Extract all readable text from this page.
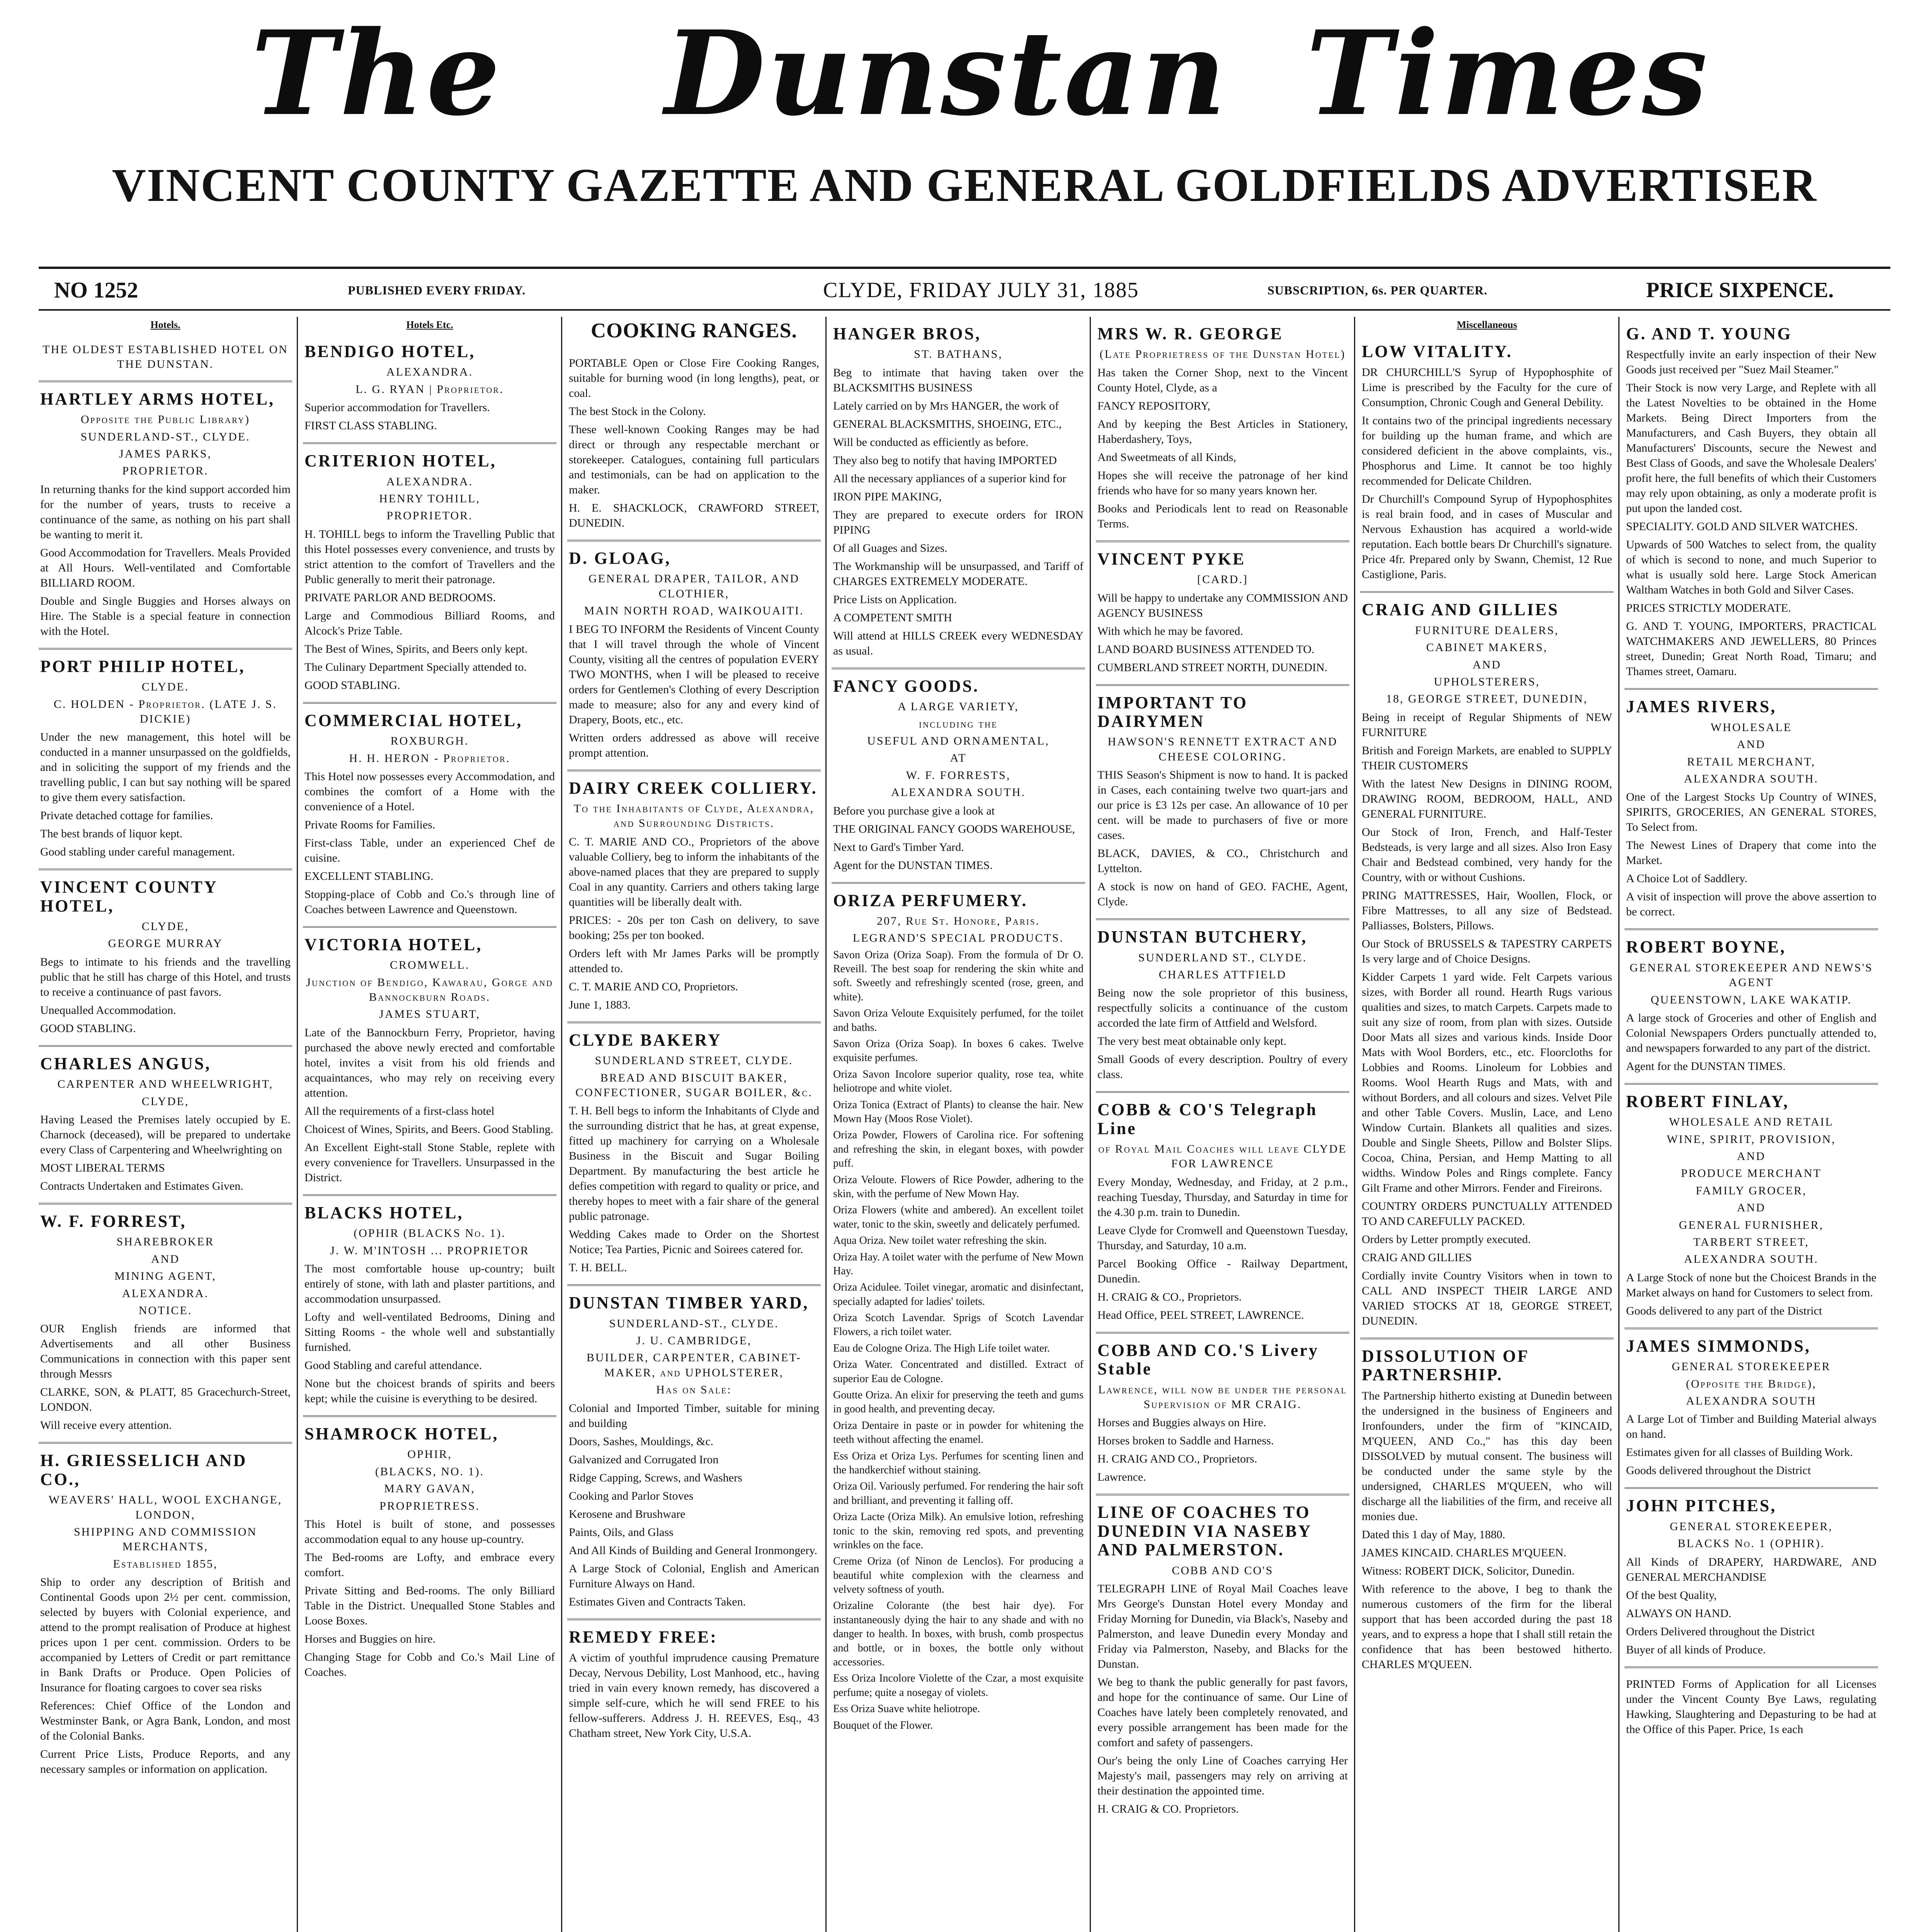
The Dunstan Times
VINCENT COUNTY GAZETTE AND GENERAL GOLDFIELDS ADVERTISER
NO 1252	PUBLISHED EVERY FRIDAY.	CLYDE, FRIDAY JULY 31, 1885	SUBSCRIPTION, 6s. PER QUARTER.	PRICE SIXPENCE.
Hotels.
THE OLDEST ESTABLISHED HOTEL ON THE DUNSTAN.
HARTLEY ARMS HOTEL,
Opposite the Public Library)
SUNDERLAND-ST., CLYDE.
JAMES PARKS,
PROPRIETOR.
In returning thanks for the kind support accorded him for the number of years, trusts to receive a continuance of the same, as nothing on his part shall be wanting to merit it.
Good Accommodation for Travellers. Meals Provided at All Hours. Well-ventilated and Comfortable BILLIARD ROOM.
Double and Single Buggies and Horses always on Hire. The Stable is a special feature in connection with the Hotel.
PORT PHILIP HOTEL,
CLYDE.
C. HOLDEN - Proprietor. (LATE J. S. DICKIE)
Under the new management, this hotel will be conducted in a manner unsurpassed on the goldfields, and in soliciting the support of my friends and the travelling public, I can but say nothing will be spared to give them every satisfaction.
Private detached cottage for families.
The best brands of liquor kept.
Good stabling under careful management.
VINCENT COUNTY HOTEL,
CLYDE,
GEORGE MURRAY
Begs to intimate to his friends and the travelling public that he still has charge of this Hotel, and trusts to receive a continuance of past favors.
Unequalled Accommodation.
GOOD STABLING.
CHARLES ANGUS,
CARPENTER AND WHEELWRIGHT,
CLYDE,
Having Leased the Premises lately occupied by E. Charnock (deceased), will be prepared to undertake every Class of Carpentering and Wheelwrighting on
MOST LIBERAL TERMS
Contracts Undertaken and Estimates Given.
W. F. FORREST,
SHAREBROKER
AND
MINING AGENT,
ALEXANDRA.
NOTICE.
OUR English friends are informed that Advertisements and all other Business Communications in connection with this paper sent through Messrs
CLARKE, SON, & PLATT, 85 Gracechurch-Street, LONDON.
Will receive every attention.
H. GRIESSELICH AND CO.,
WEAVERS' HALL, WOOL EXCHANGE, LONDON,
SHIPPING AND COMMISSION MERCHANTS,
Established 1855,
Ship to order any description of British and Continental Goods upon 2½ per cent. commission, selected by buyers with Colonial experience, and attend to the prompt realisation of Produce at highest prices upon 1 per cent. commission. Orders to be accompanied by Letters of Credit or part remittance in Bank Drafts or Produce. Open Policies of Insurance for floating cargoes to cover sea risks
References: Chief Office of the London and Westminster Bank, or Agra Bank, London, and most of the Colonial Banks.
Current Price Lists, Produce Reports, and any necessary samples or information on application.
Hotels Etc.
BENDIGO HOTEL,
ALEXANDRA.
L. G. RYAN | Proprietor.
Superior accommodation for Travellers.
FIRST CLASS STABLING.
CRITERION HOTEL,
ALEXANDRA.
HENRY TOHILL,
PROPRIETOR.
H. TOHILL begs to inform the Travelling Public that this Hotel possesses every convenience, and trusts by strict attention to the comfort of Travellers and the Public generally to merit their patronage.
PRIVATE PARLOR AND BEDROOMS.
Large and Commodious Billiard Rooms, and Alcock's Prize Table.
The Best of Wines, Spirits, and Beers only kept.
The Culinary Department Specially attended to.
GOOD STABLING.
COMMERCIAL HOTEL,
ROXBURGH.
H. H. HERON - Proprietor.
This Hotel now possesses every Accommodation, and combines the comfort of a Home with the convenience of a Hotel.
Private Rooms for Families.
First-class Table, under an experienced Chef de cuisine.
EXCELLENT STABLING.
Stopping-place of Cobb and Co.'s through line of Coaches between Lawrence and Queenstown.
VICTORIA HOTEL,
CROMWELL.
Junction of Bendigo, Kawarau, Gorge and Bannockburn Roads.
JAMES STUART,
Late of the Bannockburn Ferry, Proprietor, having purchased the above newly erected and comfortable hotel, invites a visit from his old friends and acquaintances, who may rely on receiving every attention.
All the requirements of a first-class hotel
Choicest of Wines, Spirits, and Beers. Good Stabling.
An Excellent Eight-stall Stone Stable, replete with every convenience for Travellers. Unsurpassed in the District.
BLACKS HOTEL,
(OPHIR (BLACKS No. 1).
J. W. M'INTOSH ... PROPRIETOR
The most comfortable house up-country; built entirely of stone, with lath and plaster partitions, and accommodation unsurpassed.
Lofty and well-ventilated Bedrooms, Dining and Sitting Rooms - the whole well and substantially furnished.
Good Stabling and careful attendance.
None but the choicest brands of spirits and beers kept; while the cuisine is everything to be desired.
SHAMROCK HOTEL,
OPHIR,
(BLACKS, NO. 1).
MARY GAVAN,
PROPRIETRESS.
This Hotel is built of stone, and possesses accommodation equal to any house up-country.
The Bed-rooms are Lofty, and embrace every comfort.
Private Sitting and Bed-rooms. The only Billiard Table in the District. Unequalled Stone Stables and Loose Boxes.
Horses and Buggies on hire.
Changing Stage for Cobb and Co.'s Mail Line of Coaches.
COOKING RANGES.
PORTABLE Open or Close Fire Cooking Ranges, suitable for burning wood (in long lengths), peat, or coal.
The best Stock in the Colony.
These well-known Cooking Ranges may be had direct or through any respectable merchant or storekeeper. Catalogues, containing full particulars and testimonials, can be had on application to the maker.
H. E. SHACKLOCK, CRAWFORD STREET, DUNEDIN.
D. GLOAG,
GENERAL DRAPER, TAILOR, AND CLOTHIER,
MAIN NORTH ROAD, WAIKOUAITI.
I BEG TO INFORM the Residents of Vincent County that I will travel through the whole of Vincent County, visiting all the centres of population EVERY TWO MONTHS, when I will be pleased to receive orders for Gentlemen's Clothing of every Description made to measure; also for any and every kind of Drapery, Boots, etc., etc.
Written orders addressed as above will receive prompt attention.
DAIRY CREEK COLLIERY.
To the Inhabitants of Clyde, Alexandra, and Surrounding Districts.
C. T. MARIE AND CO., Proprietors of the above valuable Colliery, beg to inform the inhabitants of the above-named places that they are prepared to supply Coal in any quantity. Carriers and others taking large quantities will be liberally dealt with.
PRICES: - 20s per ton Cash on delivery, to save booking; 25s per ton booked.
Orders left with Mr James Parks will be promptly attended to.
C. T. MARIE AND CO, Proprietors.
June 1, 1883.
CLYDE BAKERY
SUNDERLAND STREET, CLYDE.
BREAD AND BISCUIT BAKER, CONFECTIONER, SUGAR BOILER, &c.
T. H. Bell begs to inform the Inhabitants of Clyde and the surrounding district that he has, at great expense, fitted up machinery for carrying on a Wholesale Business in the Biscuit and Sugar Boiling Department. By manufacturing the best article he defies competition with regard to quality or price, and thereby hopes to meet with a fair share of the general public patronage.
Wedding Cakes made to Order on the Shortest Notice; Tea Parties, Picnic and Soirees catered for.
T. H. BELL.
DUNSTAN TIMBER YARD,
SUNDERLAND-ST., CLYDE.
J. U. CAMBRIDGE,
BUILDER, CARPENTER, CABINET-MAKER, and UPHOLSTERER,
Has on Sale:
Colonial and Imported Timber, suitable for mining and building
Doors, Sashes, Mouldings, &c.
Galvanized and Corrugated Iron
Ridge Capping, Screws, and Washers
Cooking and Parlor Stoves
Kerosene and Brushware
Paints, Oils, and Glass
And All Kinds of Building and General Ironmongery.
A Large Stock of Colonial, English and American Furniture Always on Hand.
Estimates Given and Contracts Taken.
REMEDY FREE:
A victim of youthful imprudence causing Premature Decay, Nervous Debility, Lost Manhood, etc., having tried in vain every known remedy, has discovered a simple self-cure, which he will send FREE to his fellow-sufferers. Address J. H. REEVES, Esq., 43 Chatham street, New York City, U.S.A.
HANGER BROS,
ST. BATHANS,
Beg to intimate that having taken over the BLACKSMITHS BUSINESS
Lately carried on by Mrs HANGER, the work of
GENERAL BLACKSMITHS, SHOEING, ETC.,
Will be conducted as efficiently as before.
They also beg to notify that having IMPORTED
All the necessary appliances of a superior kind for
IRON PIPE MAKING,
They are prepared to execute orders for IRON PIPING
Of all Guages and Sizes.
The Workmanship will be unsurpassed, and Tariff of CHARGES EXTREMELY MODERATE.
Price Lists on Application.
A COMPETENT SMITH
Will attend at HILLS CREEK every WEDNESDAY as usual.
FANCY GOODS.
A LARGE VARIETY,
including the
USEFUL AND ORNAMENTAL,
AT
W. F. FORRESTS,
ALEXANDRA SOUTH.
Before you purchase give a look at
THE ORIGINAL FANCY GOODS WAREHOUSE,
Next to Gard's Timber Yard.
Agent for the DUNSTAN TIMES.
ORIZA PERFUMERY.
207, Rue St. Honore, Paris.
LEGRAND'S SPECIAL PRODUCTS.
Savon Oriza (Oriza Soap). From the formula of Dr O. Reveill. The best soap for rendering the skin white and soft. Sweetly and refreshingly scented (rose, green, and white).
Savon Oriza Veloute Exquisitely perfumed, for the toilet and baths.
Savon Oriza (Oriza Soap). In boxes 6 cakes. Twelve exquisite perfumes.
Oriza Savon Incolore superior quality, rose tea, white heliotrope and white violet.
Oriza Tonica (Extract of Plants) to cleanse the hair. New Mown Hay (Moos Rose Violet).
Oriza Powder, Flowers of Carolina rice. For softening and refreshing the skin, in elegant boxes, with powder puff.
Oriza Veloute. Flowers of Rice Powder, adhering to the skin, with the perfume of New Mown Hay.
Oriza Flowers (white and ambered). An excellent toilet water, tonic to the skin, sweetly and delicately perfumed.
Aqua Oriza. New toilet water refreshing the skin.
Oriza Hay. A toilet water with the perfume of New Mown Hay.
Oriza Acidulee. Toilet vinegar, aromatic and disinfectant, specially adapted for ladies' toilets.
Oriza Scotch Lavendar. Sprigs of Scotch Lavendar Flowers, a rich toilet water.
Eau de Cologne Oriza. The High Life toilet water.
Oriza Water. Concentrated and distilled. Extract of superior Eau de Cologne.
Goutte Oriza. An elixir for preserving the teeth and gums in good health, and preventing decay.
Oriza Dentaire in paste or in powder for whitening the teeth without affecting the enamel.
Ess Oriza et Oriza Lys. Perfumes for scenting linen and the handkerchief without staining.
Oriza Oil. Variously perfumed. For rendering the hair soft and brilliant, and preventing it falling off.
Oriza Lacte (Oriza Milk). An emulsive lotion, refreshing tonic to the skin, removing red spots, and preventing wrinkles on the face.
Creme Oriza (of Ninon de Lenclos). For producing a beautiful white complexion with the clearness and velvety softness of youth.
Orizaline Colorante (the best hair dye). For instantaneously dying the hair to any shade and with no danger to health. In boxes, with brush, comb prospectus and bottle, or in boxes, the bottle only without accessories.
Ess Oriza Incolore Violette of the Czar, a most exquisite perfume; quite a nosegay of violets.
Ess Oriza Suave white heliotrope.
Bouquet of the Flower.
MRS W. R. GEORGE
(Late Proprietress of the Dunstan Hotel)
Has taken the Corner Shop, next to the Vincent County Hotel, Clyde, as a
FANCY REPOSITORY,
And by keeping the Best Articles in Stationery, Haberdashery, Toys,
And Sweetmeats of all Kinds,
Hopes she will receive the patronage of her kind friends who have for so many years known her.
Books and Periodicals lent to read on Reasonable Terms.
VINCENT PYKE
[CARD.]
Will be happy to undertake any COMMISSION AND AGENCY BUSINESS
With which he may be favored.
LAND BOARD BUSINESS ATTENDED TO.
CUMBERLAND STREET NORTH, DUNEDIN.
IMPORTANT TO DAIRYMEN
HAWSON'S RENNETT EXTRACT AND CHEESE COLORING.
THIS Season's Shipment is now to hand. It is packed in Cases, each containing twelve two quart-jars and our price is £3 12s per case. An allowance of 10 per cent. will be made to purchasers of five or more cases.
BLACK, DAVIES, & CO., Christchurch and Lyttelton.
A stock is now on hand of GEO. FACHE, Agent, Clyde.
DUNSTAN BUTCHERY,
SUNDERLAND ST., CLYDE.
CHARLES ATTFIELD
Being now the sole proprietor of this business, respectfully solicits a continuance of the custom accorded the late firm of Attfield and Welsford.
The very best meat obtainable only kept.
Small Goods of every description. Poultry of every class.
COBB & CO'S Telegraph Line
of Royal Mail Coaches will leave CLYDE FOR LAWRENCE
Every Monday, Wednesday, and Friday, at 2 p.m., reaching Tuesday, Thursday, and Saturday in time for the 4.30 p.m. train to Dunedin.
Leave Clyde for Cromwell and Queenstown Tuesday, Thursday, and Saturday, 10 a.m.
Parcel Booking Office - Railway Department, Dunedin.
H. CRAIG & CO., Proprietors.
Head Office, PEEL STREET, LAWRENCE.
COBB AND CO.'S Livery Stable
Lawrence, will now be under the personal Supervision of MR CRAIG.
Horses and Buggies always on Hire.
Horses broken to Saddle and Harness.
H. CRAIG AND CO., Proprietors.
Lawrence.
LINE OF COACHES TO DUNEDIN VIA NASEBY AND PALMERSTON.
COBB AND CO'S
TELEGRAPH LINE of Royal Mail Coaches leave Mrs George's Dunstan Hotel every Monday and Friday Morning for Dunedin, via Black's, Naseby and Palmerston, and leave Dunedin every Monday and Friday via Palmerston, Naseby, and Blacks for the Dunstan.
We beg to thank the public generally for past favors, and hope for the continuance of same. Our Line of Coaches have lately been completely renovated, and every possible arrangement has been made for the comfort and safety of passengers.
Our's being the only Line of Coaches carrying Her Majesty's mail, passengers may rely on arriving at their destination the appointed time.
H. CRAIG & CO. Proprietors.
Miscellaneous
LOW VITALITY.
DR CHURCHILL'S Syrup of Hypophosphite of Lime is prescribed by the Faculty for the cure of Consumption, Chronic Cough and General Debility.
It contains two of the principal ingredients necessary for building up the human frame, and which are considered deficient in the above complaints, vis., Phosphorus and Lime. It cannot be too highly recommended for Delicate Children.
Dr Churchill's Compound Syrup of Hypophosphites is real brain food, and in cases of Muscular and Nervous Exhaustion has acquired a world-wide reputation. Each bottle bears Dr Churchill's signature. Price 4fr. Prepared only by Swann, Chemist, 12 Rue Castiglione, Paris.
CRAIG AND GILLIES
FURNITURE DEALERS,
CABINET MAKERS,
AND
UPHOLSTERERS,
18, GEORGE STREET, DUNEDIN,
Being in receipt of Regular Shipments of NEW FURNITURE
British and Foreign Markets, are enabled to SUPPLY THEIR CUSTOMERS
With the latest New Designs in DINING ROOM, DRAWING ROOM, BEDROOM, HALL, AND GENERAL FURNITURE.
Our Stock of Iron, French, and Half-Tester Bedsteads, is very large and all sizes. Also Iron Easy Chair and Bedstead combined, very handy for the Country, with or without Cushions.
PRING MATTRESSES, Hair, Woollen, Flock, or Fibre Mattresses, to all any size of Bedstead. Palliasses, Bolsters, Pillows.
Our Stock of BRUSSELS & TAPESTRY CARPETS Is very large and of Choice Designs.
Kidder Carpets 1 yard wide. Felt Carpets various sizes, with Border all round. Hearth Rugs various qualities and sizes, to match Carpets. Carpets made to suit any size of room, from plan with sizes. Outside Door Mats all sizes and various kinds. Inside Door Mats with Wool Borders, etc., etc. Floorcloths for Lobbies and Rooms. Linoleum for Lobbies and Rooms. Wool Hearth Rugs and Mats, with and without Borders, and all colours and sizes. Velvet Pile and other Table Covers. Muslin, Lace, and Leno Window Curtain. Blankets all qualities and sizes. Double and Single Sheets, Pillow and Bolster Slips. Cocoa, China, Persian, and Hemp Matting to all widths. Window Poles and Rings complete. Fancy Gilt Frame and other Mirrors. Fender and Fireirons.
COUNTRY ORDERS PUNCTUALLY ATTENDED TO AND CAREFULLY PACKED.
Orders by Letter promptly executed.
CRAIG AND GILLIES
Cordially invite Country Visitors when in town to CALL AND INSPECT THEIR LARGE AND VARIED STOCKS AT 18, GEORGE STREET, DUNEDIN.
DISSOLUTION OF PARTNERSHIP.
The Partnership hitherto existing at Dunedin between the undersigned in the business of Engineers and Ironfounders, under the firm of "KINCAID, M'QUEEN, AND Co.," has this day been DISSOLVED by mutual consent. The business will be conducted under the same style by the undersigned, CHARLES M'QUEEN, who will discharge all the liabilities of the firm, and receive all monies due.
Dated this 1 day of May, 1880.
JAMES KINCAID. CHARLES M'QUEEN.
Witness: ROBERT DICK, Solicitor, Dunedin.
With reference to the above, I beg to thank the numerous customers of the firm for the liberal support that has been accorded during the past 18 years, and to express a hope that I shall still retain the confidence that has been bestowed hitherto. CHARLES M'QUEEN.
G. AND T. YOUNG
Respectfully invite an early inspection of their New Goods just received per "Suez Mail Steamer."
Their Stock is now very Large, and Replete with all the Latest Novelties to be obtained in the Home Markets. Being Direct Importers from the Manufacturers, and Cash Buyers, they obtain all Manufacturers' Discounts, secure the Newest and Best Class of Goods, and save the Wholesale Dealers' profit here, the full benefits of which their Customers may rely upon obtaining, as only a moderate profit is put upon the landed cost.
SPECIALITY. GOLD AND SILVER WATCHES.
Upwards of 500 Watches to select from, the quality of which is second to none, and much Superior to what is usually sold here. Large Stock American Waltham Watches in both Gold and Silver Cases.
PRICES STRICTLY MODERATE.
G. AND T. YOUNG, IMPORTERS, PRACTICAL WATCHMAKERS AND JEWELLERS, 80 Princes street, Dunedin; Great North Road, Timaru; and Thames street, Oamaru.
JAMES RIVERS,
WHOLESALE
AND
RETAIL MERCHANT,
ALEXANDRA SOUTH.
One of the Largest Stocks Up Country of WINES, SPIRITS, GROCERIES, AN GENERAL STORES, To Select from.
The Newest Lines of Drapery that come into the Market.
A Choice Lot of Saddlery.
A visit of inspection will prove the above assertion to be correct.
ROBERT BOYNE,
GENERAL STOREKEEPER AND NEWS'S AGENT
QUEENSTOWN, LAKE WAKATIP.
A large stock of Groceries and other of English and Colonial Newspapers Orders punctually attended to, and newspapers forwarded to any part of the district.
Agent for the DUNSTAN TIMES.
ROBERT FINLAY,
WHOLESALE AND RETAIL
WINE, SPIRIT, PROVISION,
AND
PRODUCE MERCHANT
FAMILY GROCER,
AND
GENERAL FURNISHER,
TARBERT STREET,
ALEXANDRA SOUTH.
A Large Stock of none but the Choicest Brands in the Market always on hand for Customers to select from.
Goods delivered to any part of the District
JAMES SIMMONDS,
GENERAL STOREKEEPER
(Opposite the Bridge),
ALEXANDRA SOUTH
A Large Lot of Timber and Building Material always on hand.
Estimates given for all classes of Building Work.
Goods delivered throughout the District
JOHN PITCHES,
GENERAL STOREKEEPER,
BLACKS No. 1 (OPHIR).
All Kinds of DRAPERY, HARDWARE, AND GENERAL MERCHANDISE
Of the best Quality,
ALWAYS ON HAND.
Orders Delivered throughout the District
Buyer of all kinds of Produce.
PRINTED Forms of Application for all Licenses under the Vincent County Bye Laws, regulating Hawking, Slaughtering and Depasturing to be had at the Office of this Paper. Price, 1s each
